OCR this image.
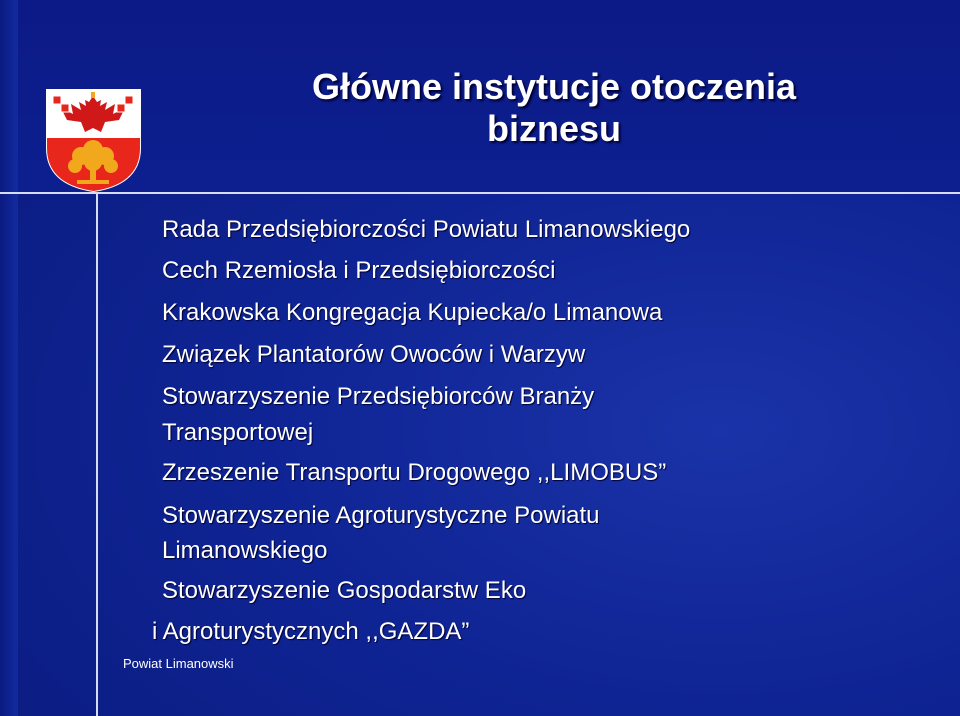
Główne instytucje otoczenia
biznesu
Rada Przedsiębiorczości Powiatu Limanowskiego
Cech Rzemiosła i Przedsiębiorczości
Krakowska Kongregacja Kupiecka/o Limanowa
Związek Plantatorów Owoców i Warzyw
Stowarzyszenie Przedsiębiorców Branży
Transportowej
Zrzeszenie Transportu Drogowego ,,LIMOBUS”
Stowarzyszenie Agroturystyczne Powiatu
Limanowskiego
Stowarzyszenie Gospodarstw Eko
i Agroturystycznych ,,GAZDA”
Powiat Limanowski
